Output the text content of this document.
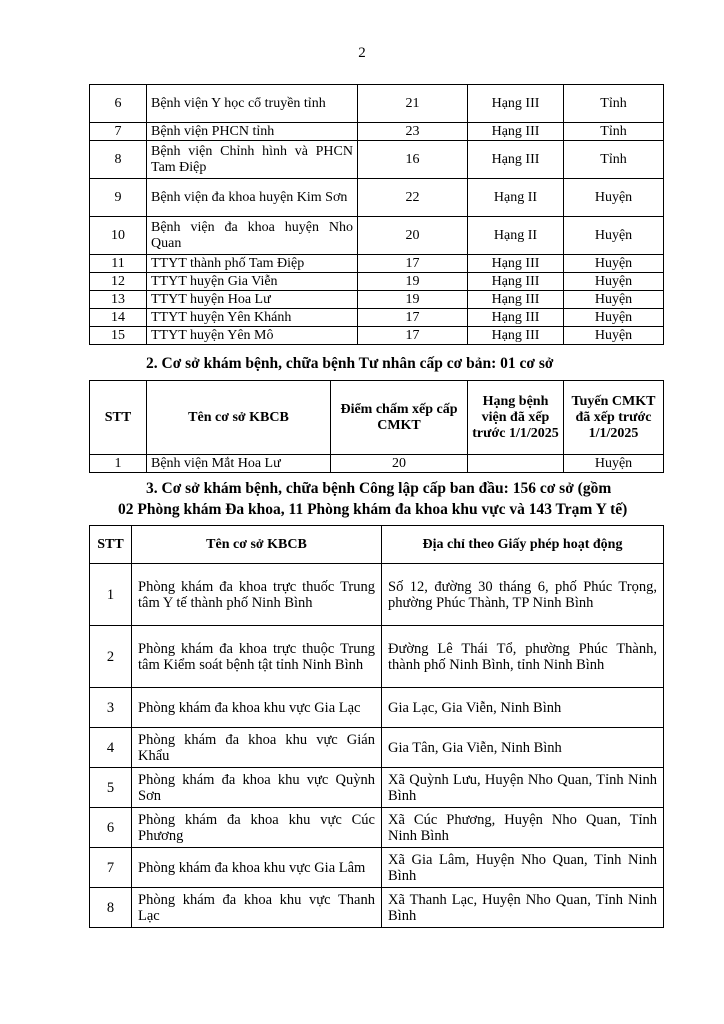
2
6	Bệnh viện Y học cổ truyền tỉnh	21	Hạng III	Tỉnh
7	Bệnh viện PHCN tỉnh	23	Hạng III	Tỉnh
8	Bệnh viện Chỉnh hình và PHCN Tam Điệp	16	Hạng III	Tỉnh
9	Bệnh viện đa khoa huyện Kim Sơn	22	Hạng II	Huyện
10	Bệnh viện đa khoa huyện Nho Quan	20	Hạng II	Huyện
11	TTYT thành phố Tam Điệp	17	Hạng III	Huyện
12	TTYT huyện Gia Viễn	19	Hạng III	Huyện
13	TTYT huyện Hoa Lư	19	Hạng III	Huyện
14	TTYT huyện Yên Khánh	17	Hạng III	Huyện
15	TTYT huyện Yên Mô	17	Hạng III	Huyện
2. Cơ sở khám bệnh, chữa bệnh Tư nhân cấp cơ bản: 01 cơ sở
STT	Tên cơ sở KBCB	Điểm chấm xếp cấp CMKT	Hạng bệnh viện đã xếp trước 1/1/2025	Tuyến CMKT đã xếp trước 1/1/2025
1	Bệnh viện Mắt Hoa Lư	20		Huyện
3. Cơ sở khám bệnh, chữa bệnh Công lập cấp ban đầu: 156 cơ sở (gồm
02 Phòng khám Đa khoa, 11 Phòng khám đa khoa khu vực và 143 Trạm Y tế)
STT	Tên cơ sở KBCB	Địa chỉ theo Giấy phép hoạt động
1	Phòng khám đa khoa trực thuốc Trung tâm Y tế thành phố Ninh Bình	Số 12, đường 30 tháng 6, phố Phúc Trọng, phường Phúc Thành, TP Ninh Bình
2	Phòng khám đa khoa trực thuộc Trung tâm Kiểm soát bệnh tật tỉnh Ninh Bình	Đường Lê Thái Tổ, phường Phúc Thành, thành phố Ninh Bình, tỉnh Ninh Bình
3	Phòng khám đa khoa khu vực Gia Lạc	Gia Lạc, Gia Viễn, Ninh Bình
4	Phòng khám đa khoa khu vực Gián Khẩu	Gia Tân, Gia Viễn, Ninh Bình
5	Phòng khám đa khoa khu vực Quỳnh Sơn	Xã Quỳnh Lưu, Huyện Nho Quan, Tỉnh Ninh Bình
6	Phòng khám đa khoa khu vực Cúc Phương	Xã Cúc Phương, Huyện Nho Quan, Tỉnh Ninh Bình
7	Phòng khám đa khoa khu vực Gia Lâm	Xã Gia Lâm, Huyện Nho Quan, Tỉnh Ninh Bình
8	Phòng khám đa khoa khu vực Thanh Lạc	Xã Thanh Lạc, Huyện Nho Quan, Tỉnh Ninh Bình
